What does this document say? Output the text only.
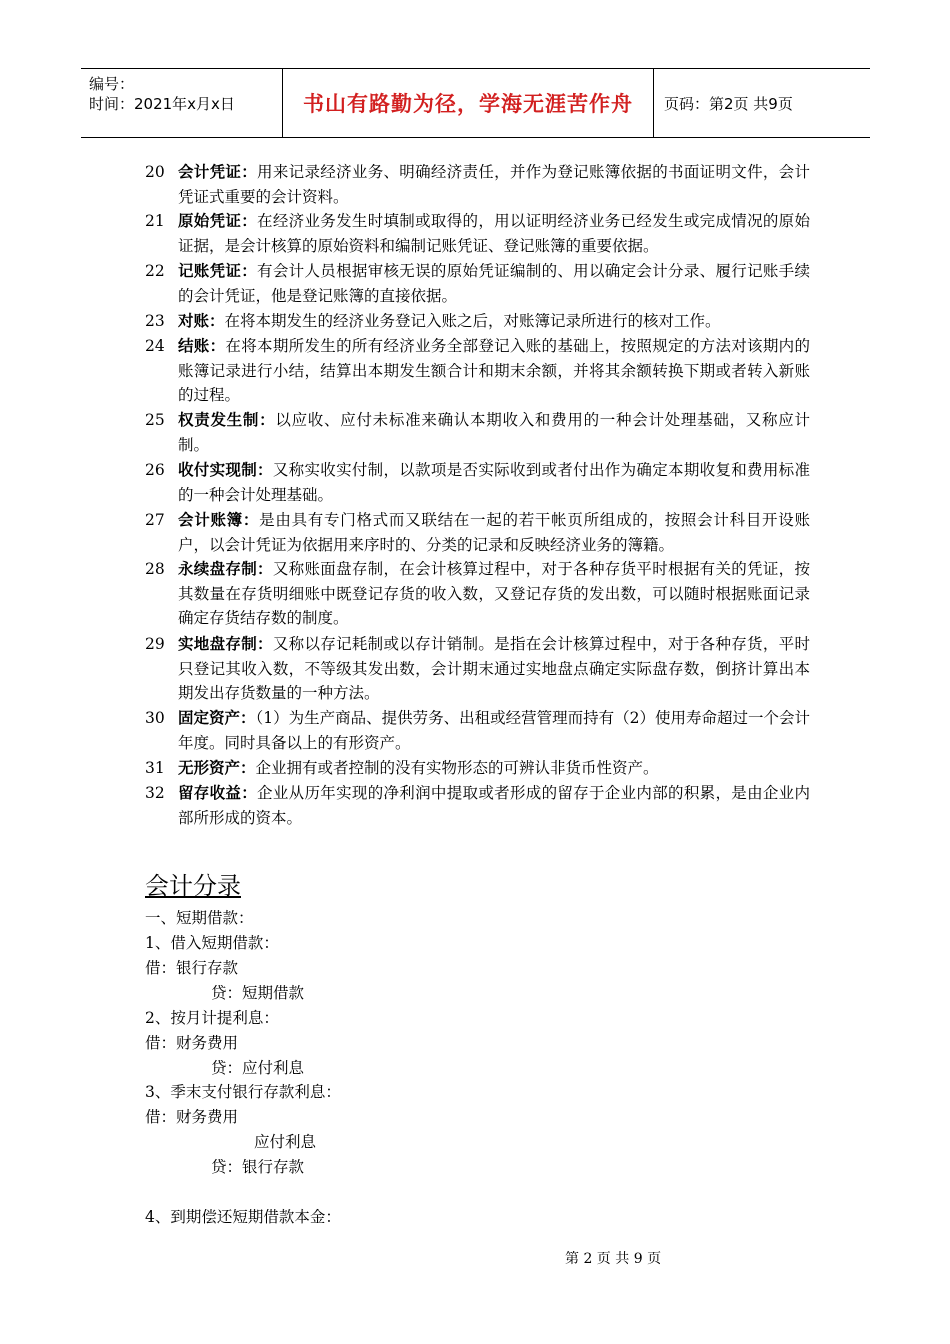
编号：
时间：2021年x月x日	书山有路勤为径，学海无涯苦作舟 页码：第2页 共9页
20 会计凭证：用来记录经济业务、明确经济责任，并作为登记账簿依据的书面证明文件，会计凭证式重要的会计资料。
21 原始凭证：在经济业务发生时填制或取得的，用以证明经济业务已经发生或完成情况的原始证据，是会计核算的原始资料和编制记账凭证、登记账簿的重要依据。
22 记账凭证：有会计人员根据审核无误的原始凭证编制的、用以确定会计分录、履行记账手续的会计凭证，他是登记账簿的直接依据。
23 对账：在将本期发生的经济业务登记入账之后，对账簿记录所进行的核对工作。
24 结账：在将本期所发生的所有经济业务全部登记入账的基础上，按照规定的方法对该期内的账簿记录进行小结，结算出本期发生额合计和期末余额，并将其余额转换下期或者转入新账的过程。
25 权责发生制：以应收、应付未标准来确认本期收入和费用的一种会计处理基础，又称应计制。
26 收付实现制：又称实收实付制，以款项是否实际收到或者付出作为确定本期收复和费用标准的一种会计处理基础。
27 会计账簿：是由具有专门格式而又联结在一起的若干帐页所组成的，按照会计科目开设账户，以会计凭证为依据用来序时的、分类的记录和反映经济业务的簿籍。
28 永续盘存制：又称账面盘存制，在会计核算过程中，对于各种存货平时根据有关的凭证，按其数量在存货明细账中既登记存货的收入数，又登记存货的发出数，可以随时根据账面记录确定存货结存数的制度。
29 实地盘存制：又称以存记耗制或以存计销制。是指在会计核算过程中，对于各种存货，平时只登记其收入数，不等级其发出数，会计期末通过实地盘点确定实际盘存数，倒挤计算出本期发出存货数量的一种方法。
30 固定资产：（1）为生产商品、提供劳务、出租或经营管理而持有（2）使用寿命超过一个会计年度。同时具备以上的有形资产。
31 无形资产：企业拥有或者控制的没有实物形态的可辨认非货币性资产。
32 留存收益：企业从历年实现的净利润中提取或者形成的留存于企业内部的积累，是由企业内部所形成的资本。
会计分录
一、短期借款：
1、借入短期借款：
借：银行存款
贷：短期借款
2、按月计提利息：
借：财务费用
贷：应付利息
3、季末支付银行存款利息：
借：财务费用
应付利息
贷：银行存款
4、到期偿还短期借款本金：
第 2 页 共 9 页
